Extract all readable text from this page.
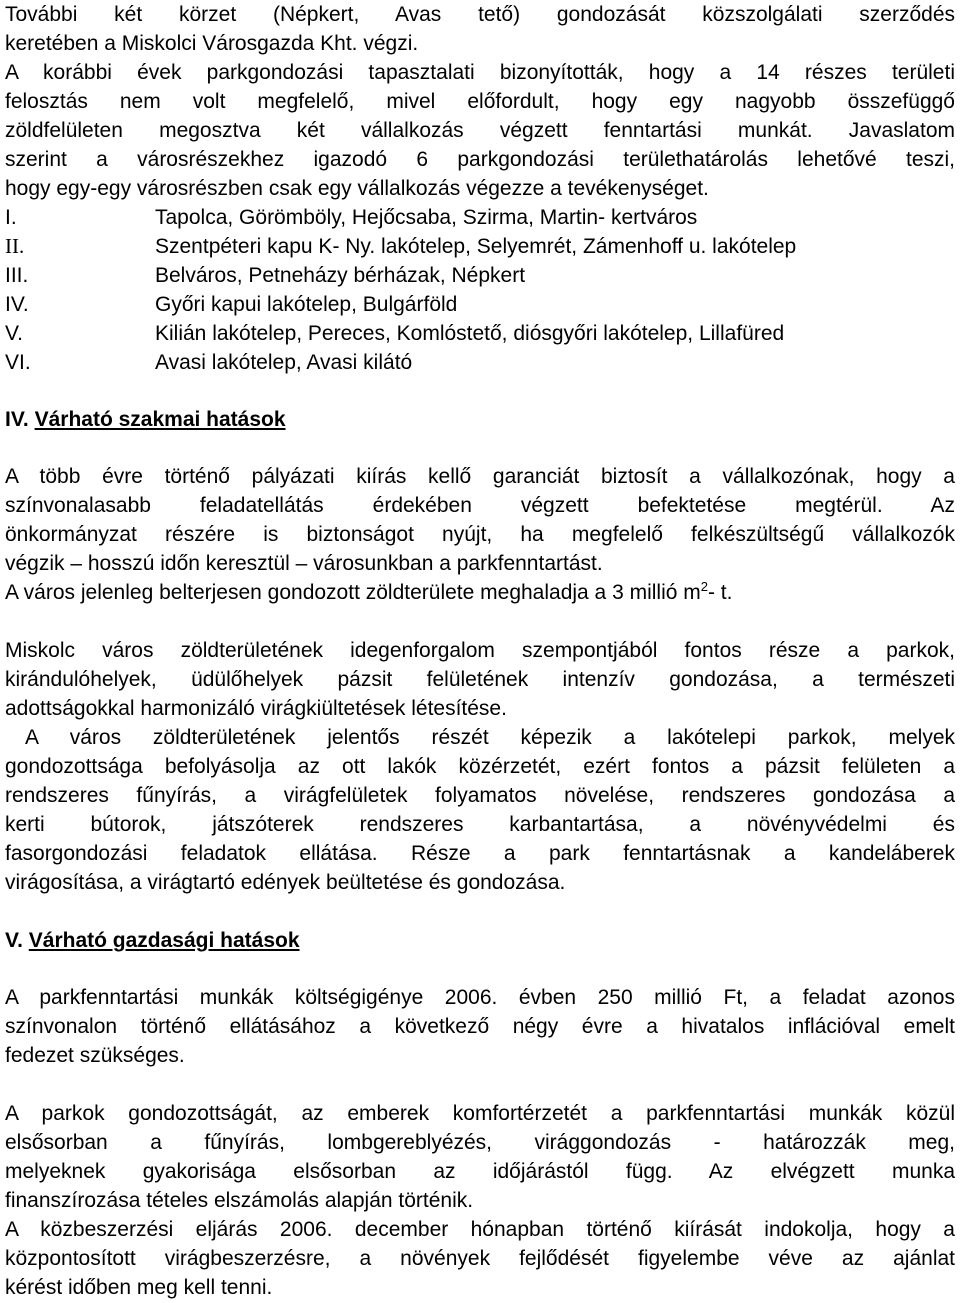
További két körzet (Népkert, Avas tető) gondozását közszolgálati szerződés
keretében a Miskolci Városgazda Kht. végzi.
A korábbi évek parkgondozási tapasztalati bizonyították, hogy a 14 részes területi
felosztás nem volt megfelelő, mivel előfordult, hogy egy nagyobb összefüggő
zöldfelületen megosztva két vállalkozás végzett fenntartási munkát. Javaslatom
szerint a városrészekhez igazodó 6 parkgondozási területhatárolás lehetővé teszi,
hogy egy-egy városrészben csak egy vállalkozás végezze a tevékenységet.
I.	Tapolca, Görömböly, Hejőcsaba, Szirma, Martin- kertváros
II.	Szentpéteri kapu K- Ny. lakótelep, Selyemrét, Zámenhoff u. lakótelep
III.	Belváros, Petneházy bérházak, Népkert
IV.	Győri kapui lakótelep, Bulgárföld
V.	Kilián lakótelep, Pereces, Komlóstető, diósgyőri lakótelep, Lillafüred
VI.	Avasi lakótelep, Avasi kilátó
IV. Várható szakmai hatások
A több évre történő pályázati kiírás kellő garanciát biztosít a vállalkozónak, hogy a
színvonalasabb feladatellátás érdekében végzett befektetése megtérül. Az
önkormányzat részére is biztonságot nyújt, ha megfelelő felkészültségű vállalkozók
végzik – hosszú időn keresztül – városunkban a parkfenntartást.
A város jelenleg belterjesen gondozott zöldterülete meghaladja a 3 millió $m^2-$ t.
Miskolc város zöldterületének idegenforgalom szempontjából fontos része a parkok,
kirándulóhelyek, üdülőhelyek pázsit felületének intenzív gondozása, a természeti
adottságokkal harmonizáló virágkiültetések létesítése.
A város zöldterületének jelentős részét képezik a lakótelepi parkok, melyek
gondozottsága befolyásolja az ott lakók közérzetét, ezért fontos a pázsit felületen a
rendszeres fűnyírás, a virágfelületek folyamatos növelése, rendszeres gondozása a
kerti bútorok, játszóterek rendszeres karbantartása, a növényvédelmi és
fasorgondozási feladatok ellátása. Része a park fenntartásnak a kandeláberek
virágosítása, a virágtartó edények beültetése és gondozása.
V. Várható gazdasági hatások
A parkfenntartási munkák költségigénye 2006. évben 250 millió Ft, a feladat azonos
színvonalon történő ellátásához a következő négy évre a hivatalos inflációval emelt
fedezet szükséges.
A parkok gondozottságát, az emberek komfortérzetét a parkfenntartási munkák közül
elsősorban a fűnyírás, lombgereblyézés, virággondozás - határozzák meg,
melyeknek gyakorisága elsősorban az időjárástól függ. Az elvégzett munka
finanszírozása tételes elszámolás alapján történik.
A közbeszerzési eljárás 2006. december hónapban történő kiírását indokolja, hogy a
központosított virágbeszerzésre, a növények fejlődését figyelembe véve az ajánlat
kérést időben meg kell tenni.
